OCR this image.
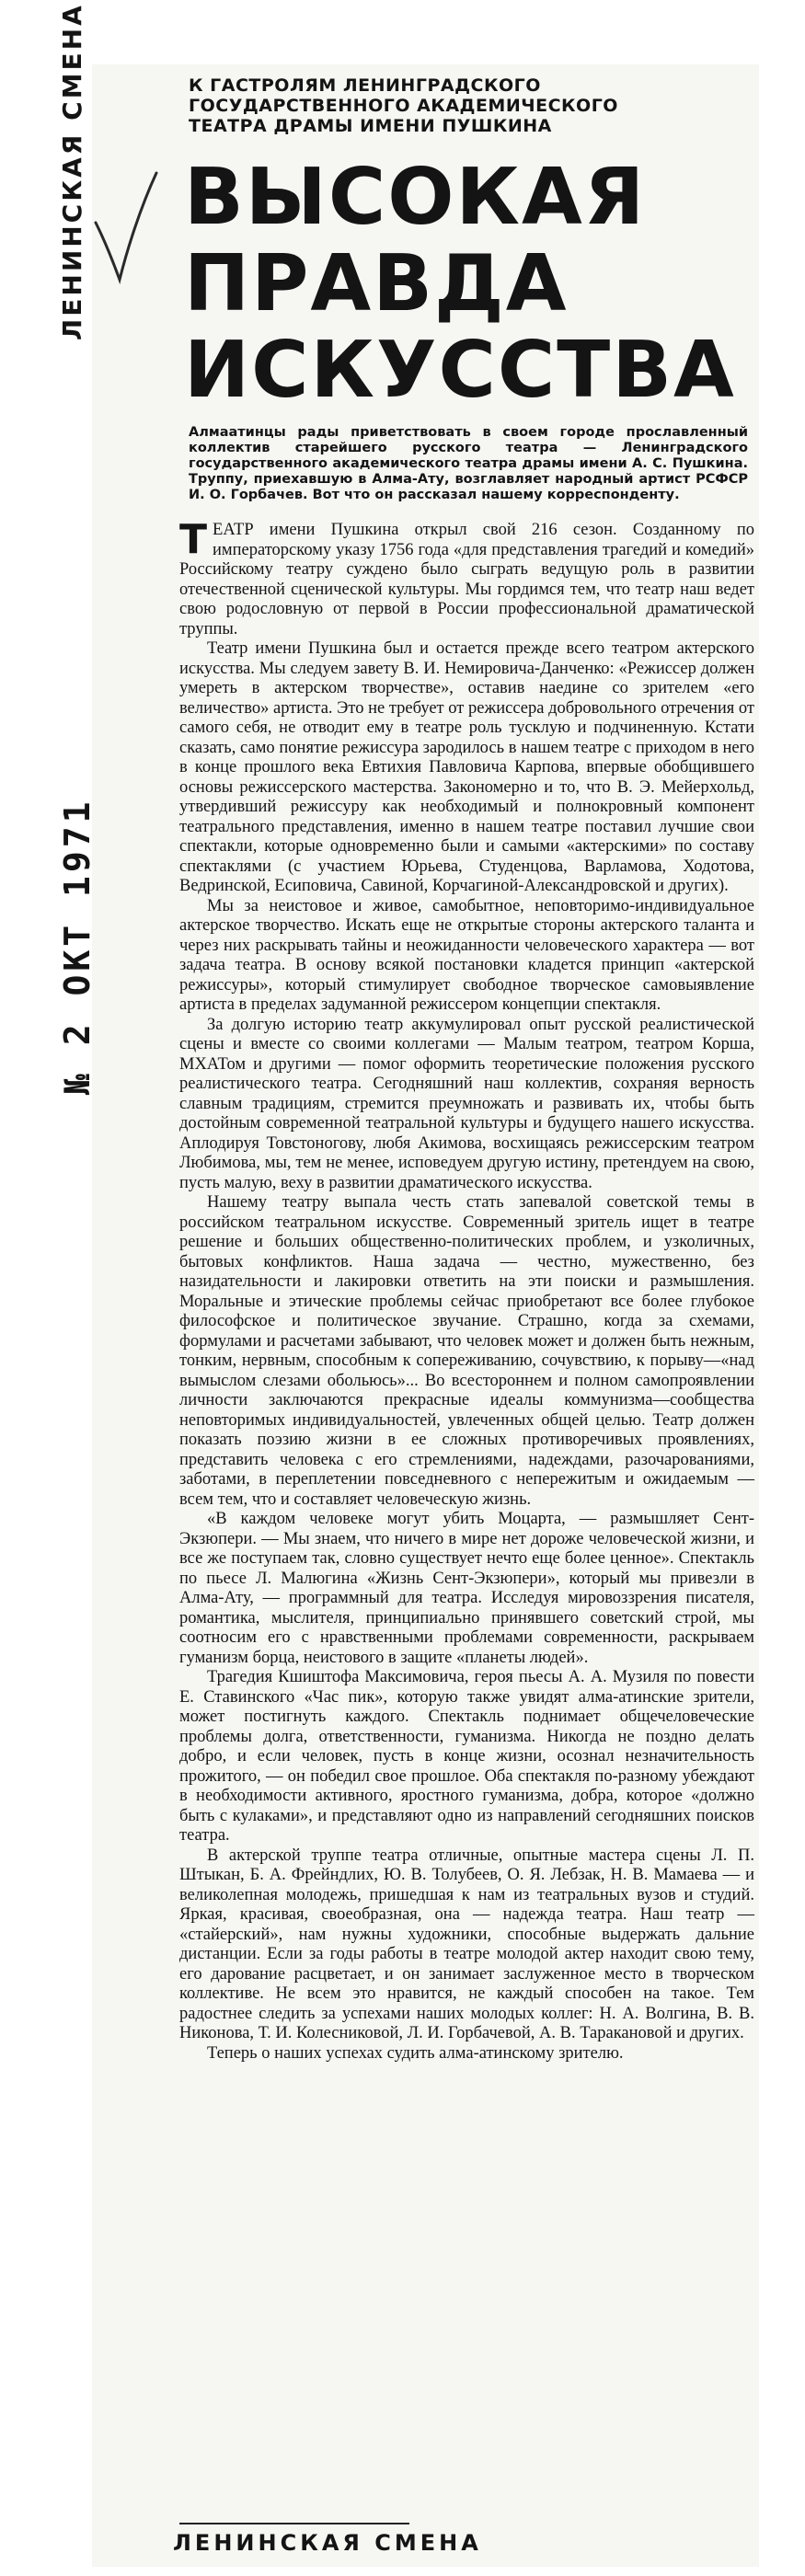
К ГАСТРОЛЯМ ЛЕНИНГРАДСКОГО ГОСУДАРСТВЕННОГО АКАДЕМИЧЕСКОГО ТЕАТРА ДРАМЫ ИМЕНИ ПУШКИНА
ВЫСОКАЯ
ПРАВДА
ИСКУССТВА
ЛЕНИНСКАЯ СМЕНА
№ 2 ОКТ 1971
Алмаатинцы рады приветствовать в своем городе прославленный коллектив старейшего русского театра — Ленинградского государственного академического театра драмы имени А. С. Пушкина. Труппу, приехавшую в Алма-Ату, возглавляет народный артист РСФСР И. О. Горбачев. Вот что он рассказал нашему корреспонденту.

ТЕАТР имени Пушкина открыл свой 216 сезон. Созданному по императорскому указу 1756 года «для представления трагедий и комедий» Российскому театру суждено было сыграть ведущую роль в развитии отечественной сценической культуры. Мы гордимся тем, что театр наш ведет свою родословную от первой в России профессиональной драматической труппы.

Театр имени Пушкина был и остается прежде всего театром актерского искусства. Мы следуем завету В. И. Немировича-Данченко: «Режиссер должен умереть в актерском творчестве», оставив наедине со зрителем «его величество» артиста. Это не требует от режиссера добровольного отречения от самого себя, не отводит ему в театре роль тусклую и подчиненную. Кстати сказать, само понятие режиссура зародилось в нашем театре с приходом в него в конце прошлого века Евтихия Павловича Карпова, впервые обобщившего основы режиссерского мастерства. Закономерно и то, что В. Э. Мейерхольд, утвердивший режиссуру как необходимый и полнокровный компонент театрального представления, именно в нашем театре поставил лучшие свои спектакли, которые одновременно были и самыми «актерскими» по составу спектаклями (с участием Юрьева, Студенцова, Варламова, Ходотова, Ведринской, Есиповича, Савиной, Корчагиной-Александровской и других).

Мы за неистовое и живое, самобытное, неповторимо-индивидуальное актерское творчество. Искать еще не открытые стороны актерского таланта и через них раскрывать тайны и неожиданности человеческого характера — вот задача театра. В основу всякой постановки кладется принцип «актерской режиссуры», который стимулирует свободное творческое самовыявление артиста в пределах задуманной режиссером концепции спектакля.

За долгую историю театр аккумулировал опыт русской реалистической сцены и вместе со своими коллегами — Малым театром, театром Корша, МХАТом и другими — помог оформить теоретические положения русского реалистического театра. Сегодняшний наш коллектив, сохраняя верность славным традициям, стремится преумножать и развивать их, чтобы быть достойным современной театральной культуры и будущего нашего искусства. Аплодируя Товстоногову, любя Акимова, восхищаясь режиссерским театром Любимова, мы, тем не менее, исповедуем другую истину, претендуем на свою, пусть малую, веху в развитии драматического искусства.

Нашему театру выпала честь стать запевалой советской темы в российском театральном искусстве. Современный зритель ищет в театре решение и больших общественно-политических проблем, и узколичных, бытовых конфликтов. Наша задача — честно, мужественно, без назидательности и лакировки ответить на эти поиски и размышления. Моральные и этические проблемы сейчас приобретают все более глубокое философское и политическое звучание. Страшно, когда за схемами, формулами и расчетами забывают, что человек может и должен быть нежным, тонким, нервным, способным к сопереживанию, сочувствию, к порыву—«над вымыслом слезами обольюсь»... Во всестороннем и полном самопроявлении личности заключаются прекрасные идеалы коммунизма—сообщества неповторимых индивидуальностей, увлеченных общей целью. Театр должен показать поэзию жизни в ее сложных противоречивых проявлениях, представить человека с его стремлениями, надеждами, разочарованиями, заботами, в переплетении повседневного с непережитым и ожидаемым — всем тем, что и составляет человеческую жизнь.

«В каждом человеке могут убить Моцарта, — размышляет Сент-Экзюпери. — Мы знаем, что ничего в мире нет дороже человеческой жизни, и все же поступаем так, словно существует нечто еще более ценное». Спектакль по пьесе Л. Малюгина «Жизнь Сент-Экзюпери», который мы привезли в Алма-Ату, — программный для театра. Исследуя мировоззрения писателя, романтика, мыслителя, принципиально принявшего советский строй, мы соотносим его с нравственными проблемами современности, раскрываем гуманизм борца, неистового в защите «планеты людей».

Трагедия Кшиштофа Максимовича, героя пьесы А. А. Музиля по повести Е. Ставинского «Час пик», которую также увидят алма-атинские зрители, может постигнуть каждого. Спектакль поднимает общечеловеческие проблемы долга, ответственности, гуманизма. Никогда не поздно делать добро, и если человек, пусть в конце жизни, осознал незначительность прожитого, — он победил свое прошлое. Оба спектакля по-разному убеждают в необходимости активного, яростного гуманизма, добра, которое «должно быть с кулаками», и представляют одно из направлений сегодняшних поисков театра.

В актерской труппе театра отличные, опытные мастера сцены Л. П. Штыкан, Б. А. Фрейндлих, Ю. В. Толубеев, О. Я. Лебзак, Н. В. Мамаева — и великолепная молодежь, пришедшая к нам из театральных вузов и студий. Яркая, красивая, своеобразная, она — надежда театра. Наш театр — «стайерский», нам нужны художники, способные выдержать дальние дистанции. Если за годы работы в театре молодой актер находит свою тему, его дарование расцветает, и он занимает заслуженное место в творческом коллективе. Не всем это нравится, не каждый способен на такое. Тем радостнее следить за успехами наших молодых коллег: Н. А. Волгина, В. В. Никонова, Т. И. Колесниковой, Л. И. Горбачевой, А. В. Таракановой и других.

Теперь о наших успехах судить алма-атинскому зрителю.

ЛЕНИНСКАЯ СМЕНА
